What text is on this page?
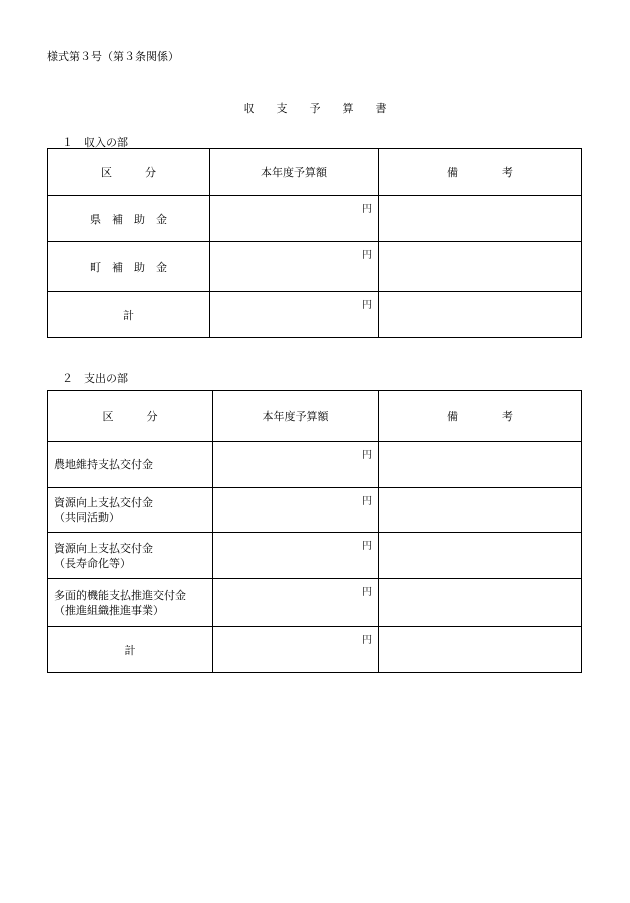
様式第３号（第３条関係）
収　　支　　予　　算　　書
１　収入の部
区　　　分	本年度予算額	備　　　　考
県　補　助　金	円	

町　補　助　金	円	

計	円	

２　支出の部
区　　　分	本年度予算額	備　　　　考

農地維持支払交付金	円	

資源向上支払交付金
（共同活動）	円	

資源向上支払交付金
（長寿命化等）	円	

多面的機能支払推進交付金
（推進組織推進事業）	円	

計	円	
